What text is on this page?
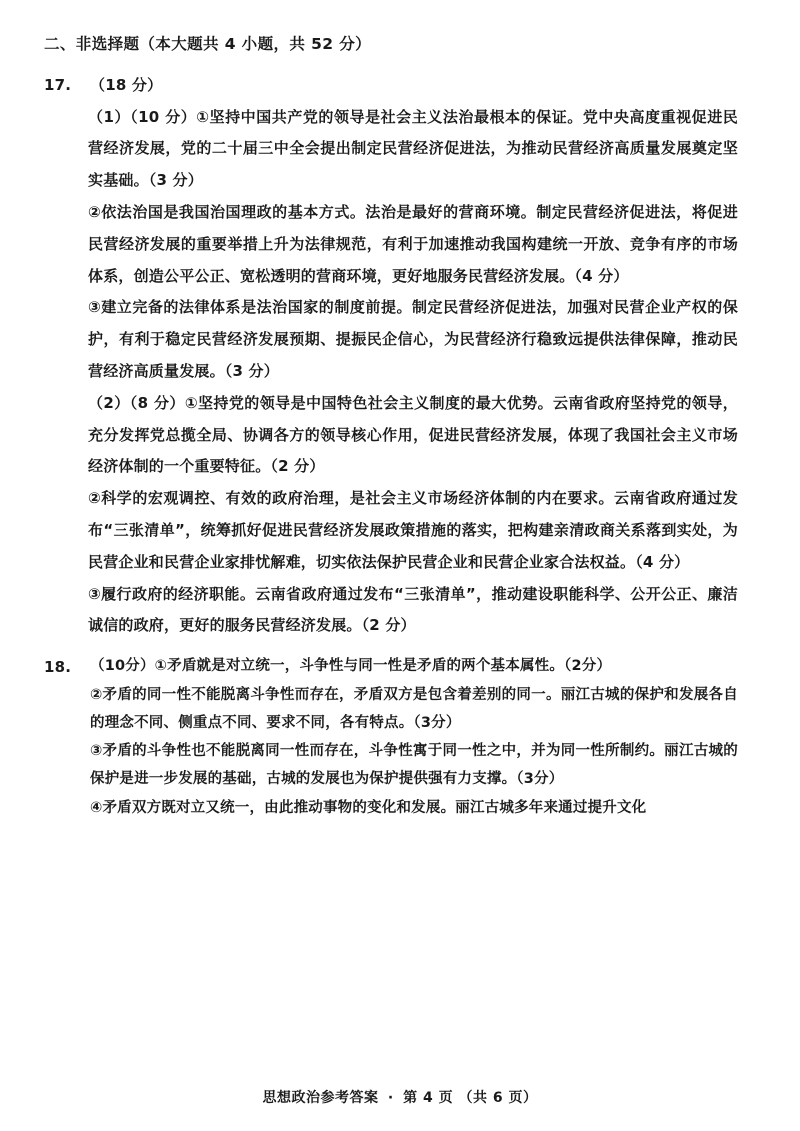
二、非选择题（本大题共 4 小题，共 52 分）
17.	（18 分）

（1）（10 分）①坚持中国共产党的领导是社会主义法治最根本的保证。党中央高度重视促进民营经济发展，党的二十届三中全会提出制定民营经济促进法，为推动民营经济高质量发展奠定坚实基础。（3 分）

②依法治国是我国治国理政的基本方式。法治是最好的营商环境。制定民营经济促进法，将促进民营经济发展的重要举措上升为法律规范，有利于加速推动我国构建统一开放、竞争有序的市场体系，创造公平公正、宽松透明的营商环境，更好地服务民营经济发展。（4 分）

③建立完备的法律体系是法治国家的制度前提。制定民营经济促进法，加强对民营企业产权的保护，有利于稳定民营经济发展预期、提振民企信心，为民营经济行稳致远提供法律保障，推动民营经济高质量发展。（3 分）

（2）（8 分）①坚持党的领导是中国特色社会主义制度的最大优势。云南省政府坚持党的领导，充分发挥党总揽全局、协调各方的领导核心作用，促进民营经济发展，体现了我国社会主义市场经济体制的一个重要特征。（2 分）

②科学的宏观调控、有效的政府治理，是社会主义市场经济体制的内在要求。云南省政府通过发布“三张清单”，统筹抓好促进民营经济发展政策措施的落实，把构建亲清政商关系落到实处，为民营企业和民营企业家排忧解难，切实依法保护民营企业和民营企业家合法权益。（4 分）

③履行政府的经济职能。云南省政府通过发布“三张清单”，推动建设职能科学、公开公正、廉洁诚信的政府，更好的服务民营经济发展。（2 分）

18.	（10分）①矛盾就是对立统一，斗争性与同一性是矛盾的两个基本属性。（2分）

②矛盾的同一性不能脱离斗争性而存在，矛盾双方是包含着差别的同一。丽江古城的保护和发展各自的理念不同、侧重点不同、要求不同，各有特点。（3分）

③矛盾的斗争性也不能脱离同一性而存在，斗争性寓于同一性之中，并为同一性所制约。丽江古城的保护是进一步发展的基础，古城的发展也为保护提供强有力支撑。（3分）

④矛盾双方既对立又统一，由此推动事物的变化和发展。丽江古城多年来通过提升文化

思想政治参考答案 · 第 4 页 （共 6 页）
